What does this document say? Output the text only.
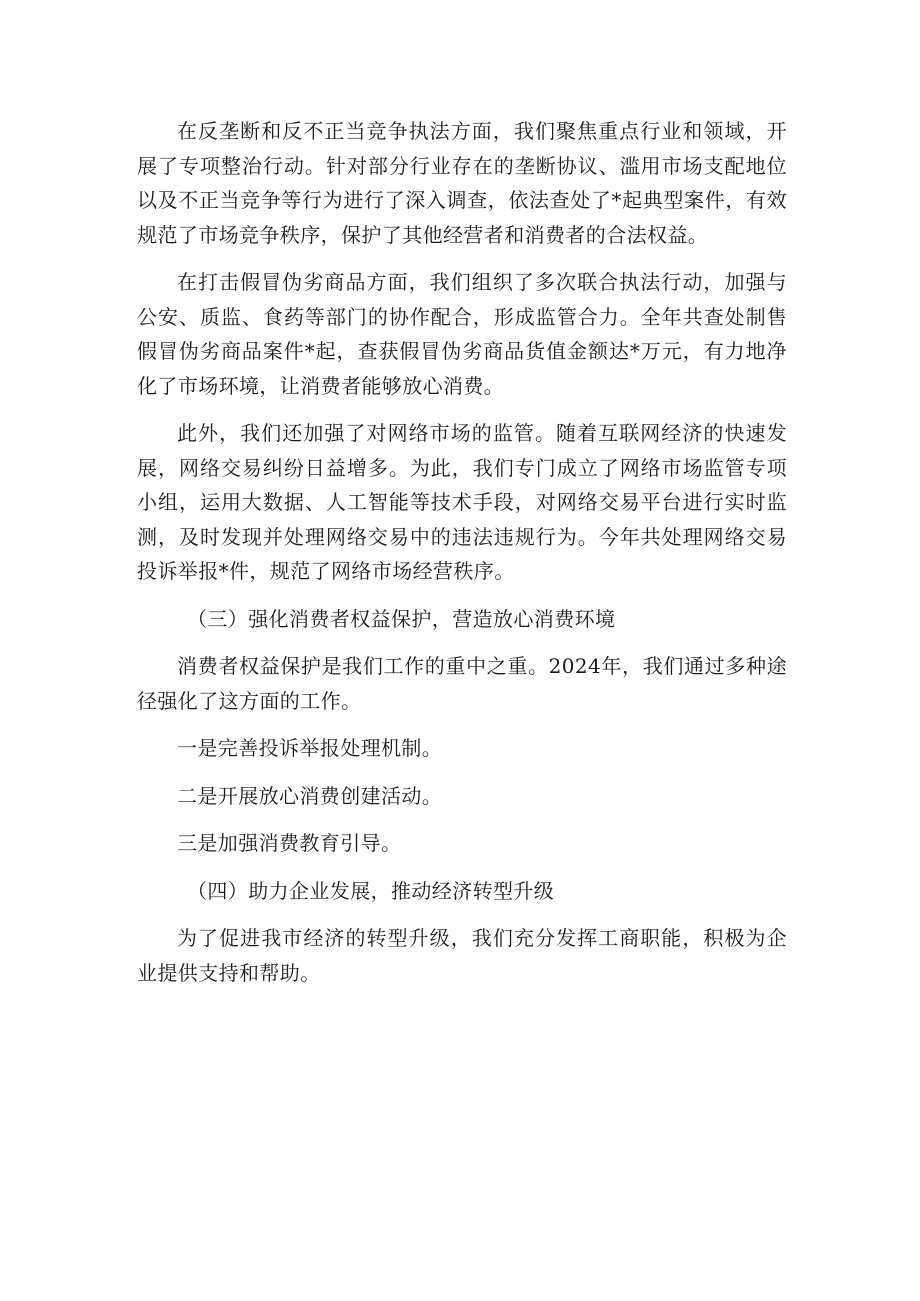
在反垄断和反不正当竞争执法方面，我们聚焦重点行业和领域，开展了专项整治行动。针对部分行业存在的垄断协议、滥用市场支配地位以及不正当竞争等行为进行了深入调查，依法查处了*起典型案件，有效规范了市场竞争秩序，保护了其他经营者和消费者的合法权益。

在打击假冒伪劣商品方面，我们组织了多次联合执法行动，加强与公安、质监、食药等部门的协作配合，形成监管合力。全年共查处制售假冒伪劣商品案件*起，查获假冒伪劣商品货值金额达*万元，有力地净化了市场环境，让消费者能够放心消费。

此外，我们还加强了对网络市场的监管。随着互联网经济的快速发展，网络交易纠纷日益增多。为此，我们专门成立了网络市场监管专项小组，运用大数据、人工智能等技术手段，对网络交易平台进行实时监测，及时发现并处理网络交易中的违法违规行为。今年共处理网络交易投诉举报*件，规范了网络市场经营秩序。

（三）强化消费者权益保护，营造放心消费环境

消费者权益保护是我们工作的重中之重。2024年，我们通过多种途径强化了这方面的工作。

一是完善投诉举报处理机制。

二是开展放心消费创建活动。

三是加强消费教育引导。

（四）助力企业发展，推动经济转型升级

为了促进我市经济的转型升级，我们充分发挥工商职能，积极为企业提供支持和帮助。
